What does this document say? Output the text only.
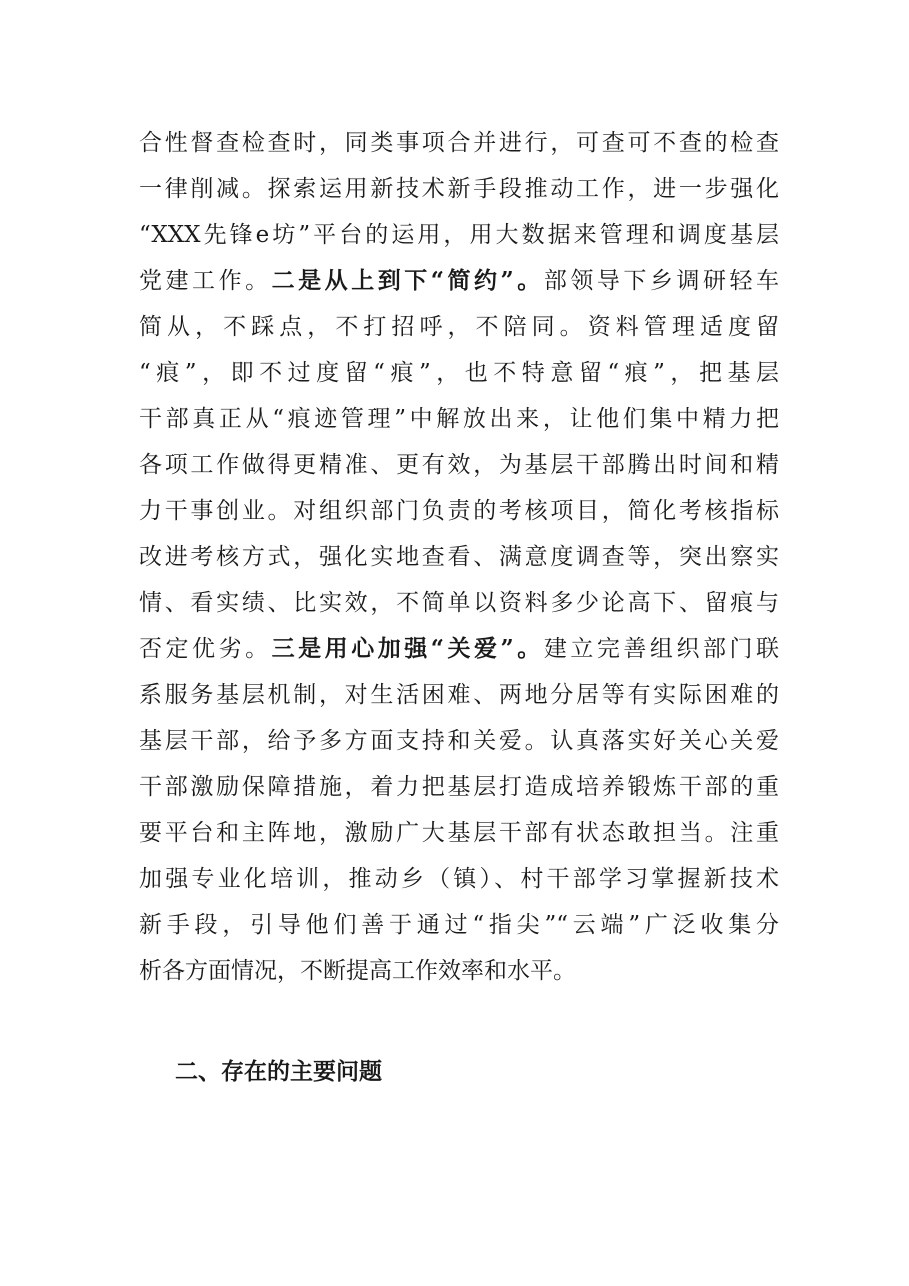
合性督查检查时，同类事项合并进行，可查可不查的检查
一律削减。探索运用新技术新手段推动工作，进一步强化
“XXX先锋e坊”平台的运用，用大数据来管理和调度基层
党建工作。二是从上到下“简约”。部领导下乡调研轻车
简从，不踩点，不打招呼，不陪同。资料管理适度留
“痕”，即不过度留“痕”，也不特意留“痕”，把基层
干部真正从“痕迹管理”中解放出来，让他们集中精力把
各项工作做得更精准、更有效，为基层干部腾出时间和精
力干事创业。对组织部门负责的考核项目，简化考核指标
改进考核方式，强化实地查看、满意度调查等，突出察实
情、看实绩、比实效，不简单以资料多少论高下、留痕与
否定优劣。三是用心加强“关爱”。建立完善组织部门联
系服务基层机制，对生活困难、两地分居等有实际困难的
基层干部，给予多方面支持和关爱。认真落实好关心关爱
干部激励保障措施，着力把基层打造成培养锻炼干部的重
要平台和主阵地，激励广大基层干部有状态敢担当。注重
加强专业化培训，推动乡（镇）、村干部学习掌握新技术
新手段，引导他们善于通过“指尖”“云端”广泛收集分
析各方面情况，不断提高工作效率和水平。
二、存在的主要问题
